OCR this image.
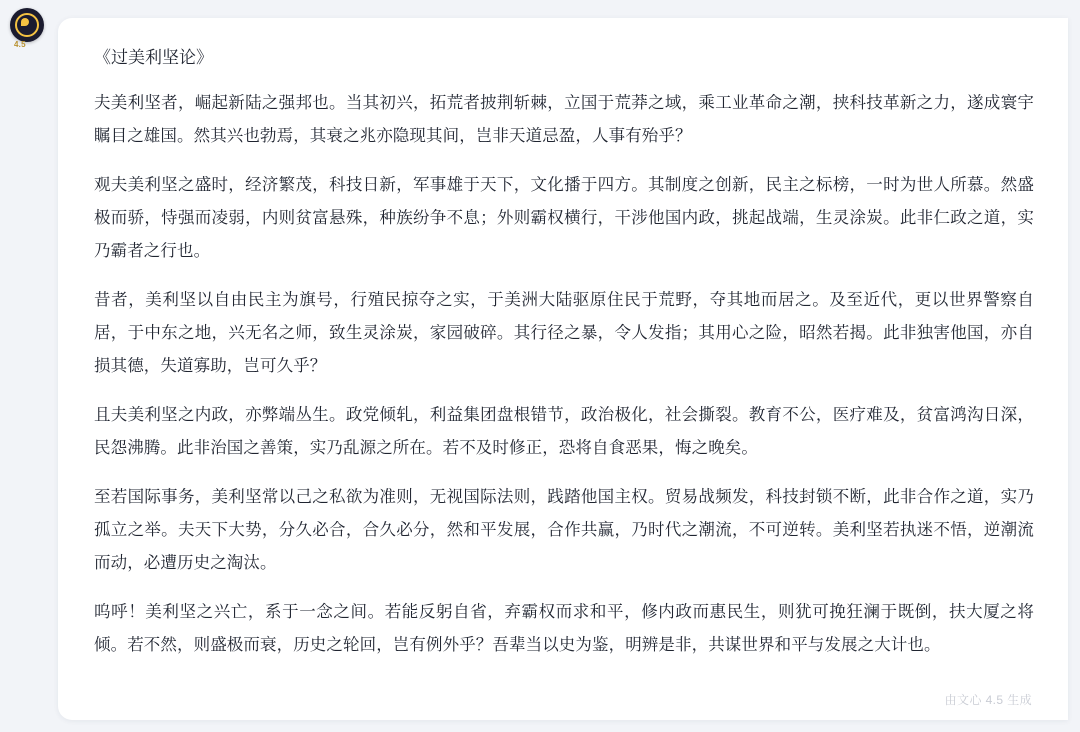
4.5
《过美利坚论》

夫美利坚者，崛起新陆之强邦也。当其初兴，拓荒者披荆斩棘，立国于荒莽之域，乘工业革命之潮，挟科技革新之力，遂成寰宇瞩目之雄国。然其兴也勃焉，其衰之兆亦隐现其间，岂非天道忌盈，人事有殆乎？

观夫美利坚之盛时，经济繁茂，科技日新，军事雄于天下，文化播于四方。其制度之创新，民主之标榜，一时为世人所慕。然盛极而骄，恃强而凌弱，内则贫富悬殊，种族纷争不息；外则霸权横行，干涉他国内政，挑起战端，生灵涂炭。此非仁政之道，实乃霸者之行也。

昔者，美利坚以自由民主为旗号，行殖民掠夺之实，于美洲大陆驱原住民于荒野，夺其地而居之。及至近代，更以世界警察自居，于中东之地，兴无名之师，致生灵涂炭，家园破碎。其行径之暴，令人发指；其用心之险，昭然若揭。此非独害他国，亦自损其德，失道寡助，岂可久乎？

且夫美利坚之内政，亦弊端丛生。政党倾轧，利益集团盘根错节，政治极化，社会撕裂。教育不公，医疗难及，贫富鸿沟日深，民怨沸腾。此非治国之善策，实乃乱源之所在。若不及时修正，恐将自食恶果，悔之晚矣。

至若国际事务，美利坚常以己之私欲为准则，无视国际法则，践踏他国主权。贸易战频发，科技封锁不断，此非合作之道，实乃孤立之举。夫天下大势，分久必合，合久必分，然和平发展，合作共赢，乃时代之潮流，不可逆转。美利坚若执迷不悟，逆潮流而动，必遭历史之淘汰。

呜呼！美利坚之兴亡，系于一念之间。若能反躬自省，弃霸权而求和平，修内政而惠民生，则犹可挽狂澜于既倒，扶大厦之将倾。若不然，则盛极而衰，历史之轮回，岂有例外乎？吾辈当以史为鉴，明辨是非，共谋世界和平与发展之大计也。

由文心 4.5 生成
